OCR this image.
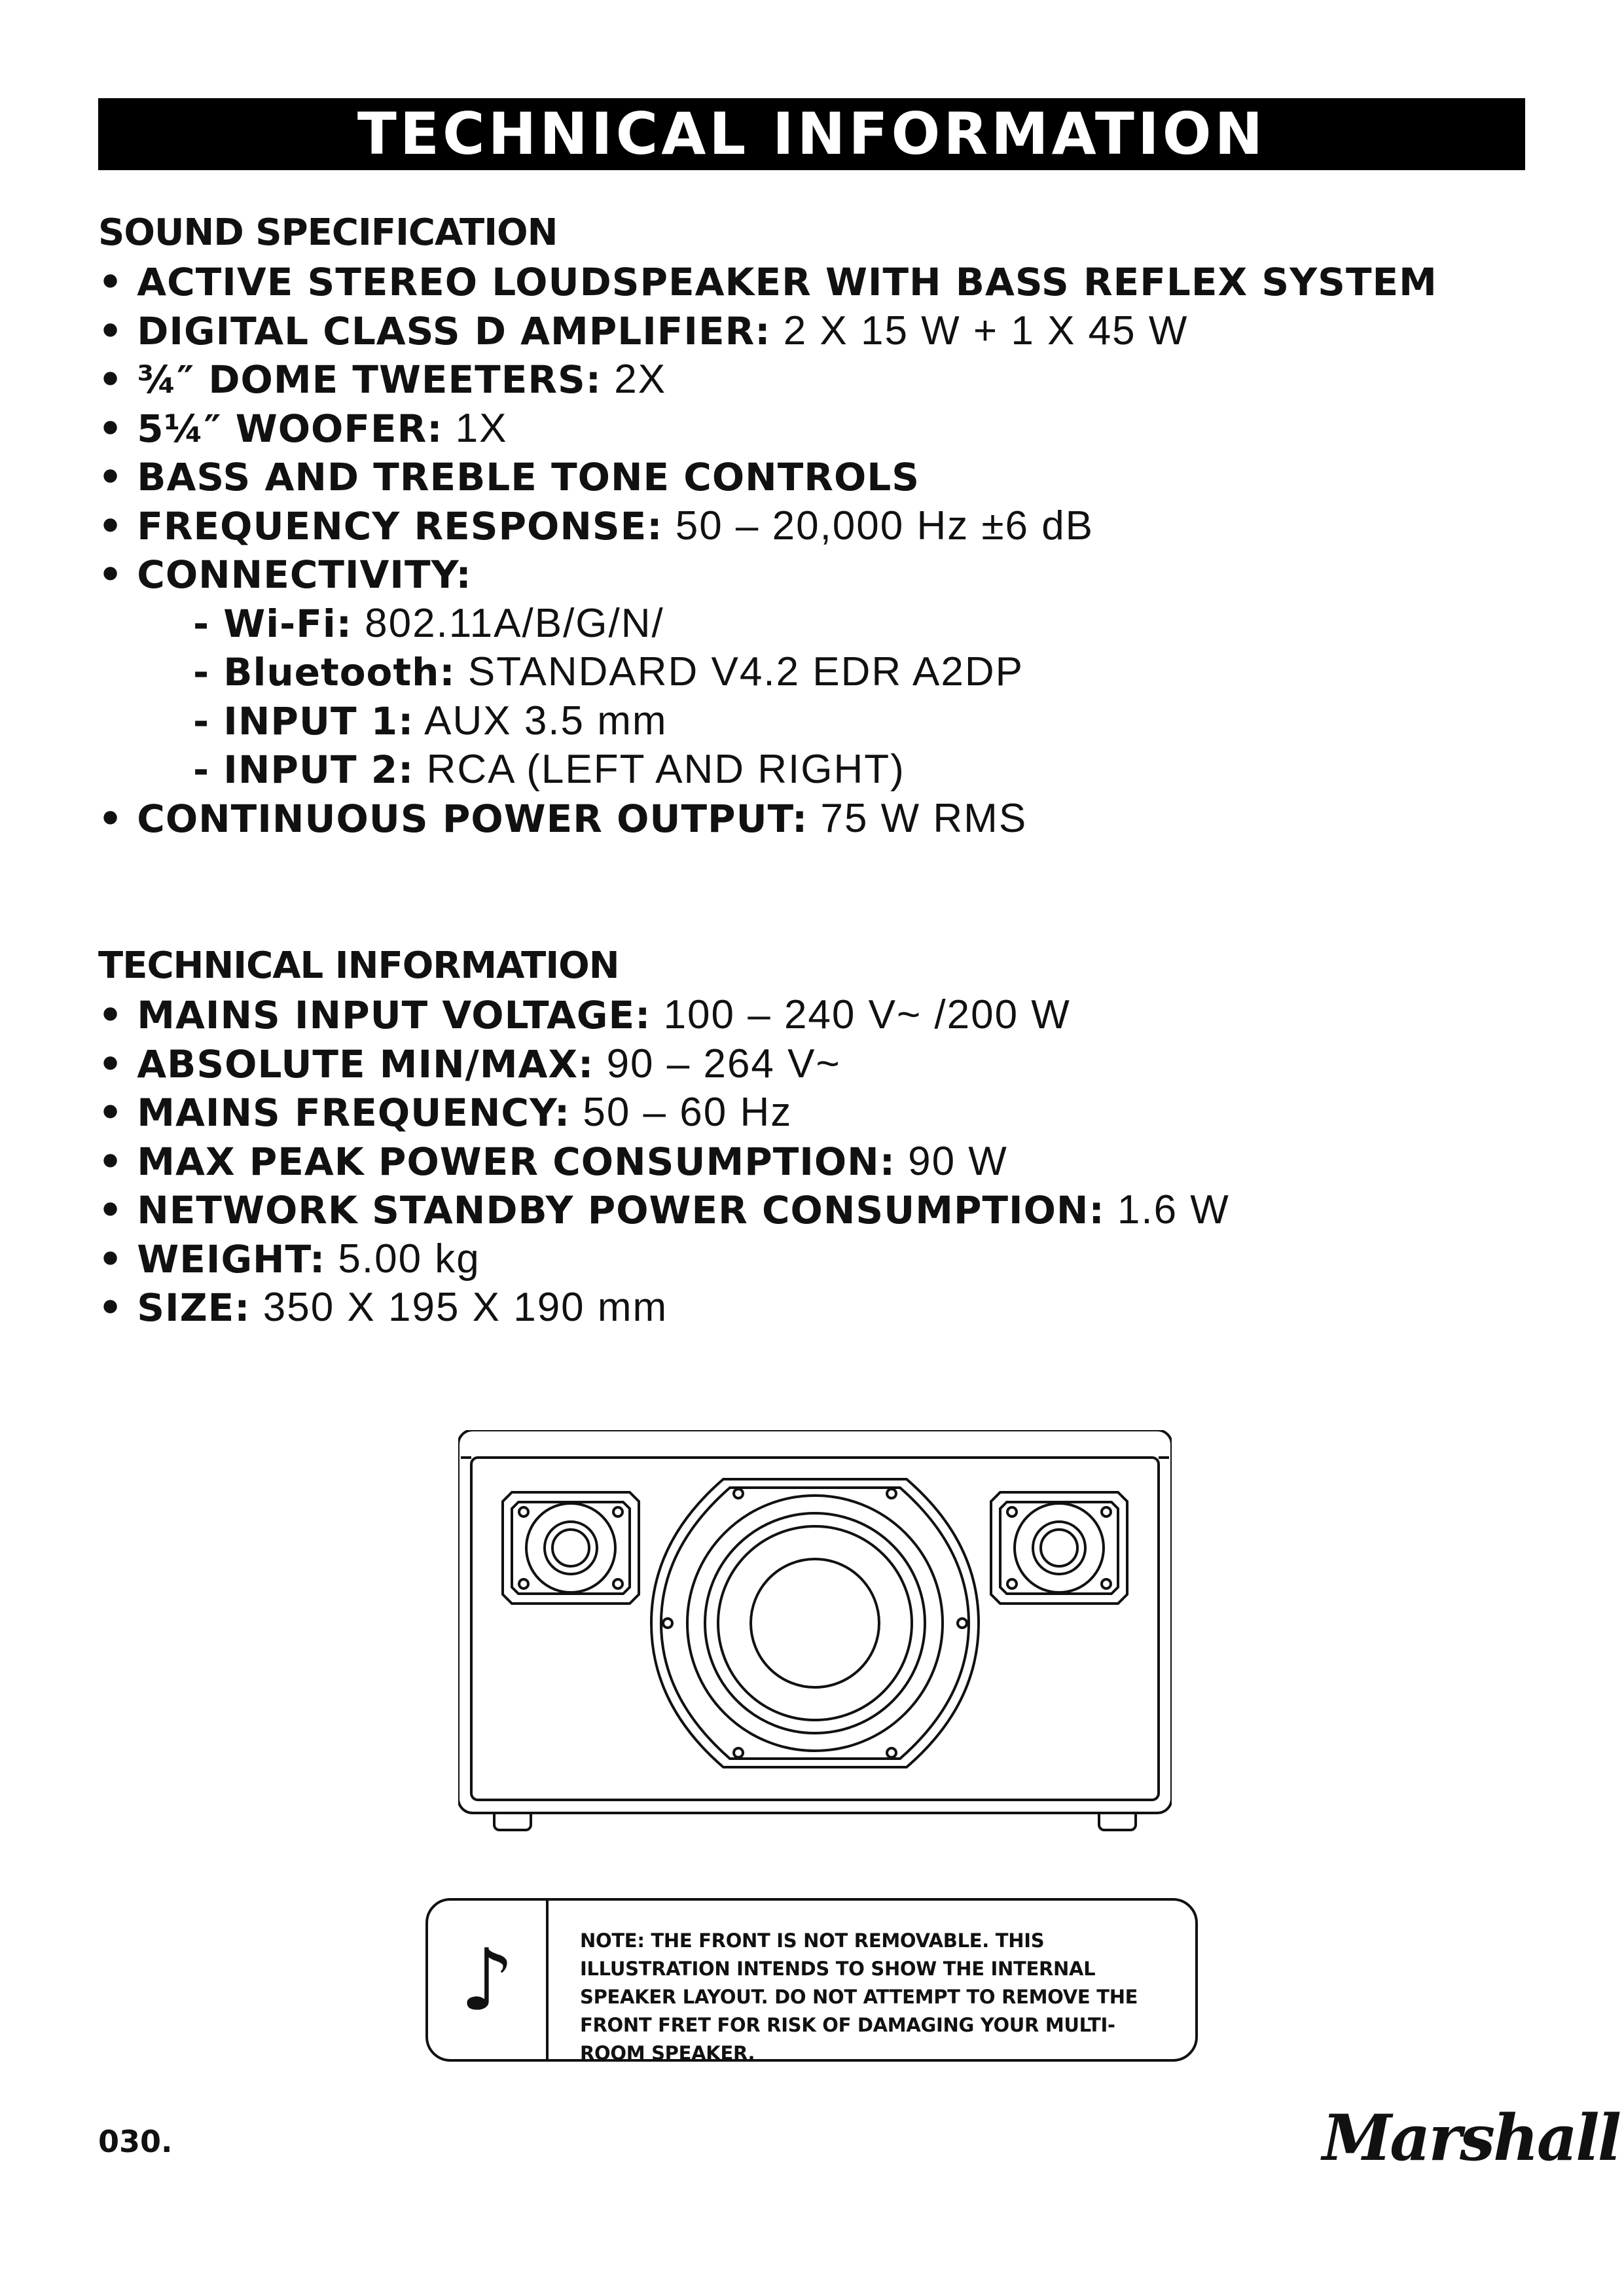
TECHNICAL INFORMATION
SOUND SPECIFICATION
• ACTIVE STEREO LOUDSPEAKER WITH BASS REFLEX SYSTEM
• DIGITAL CLASS D AMPLIFIER: 2 X 15 W + 1 X 45 W
• ¾″ DOME TWEETERS: 2X
• 5¼″ WOOFER: 1X
• BASS AND TREBLE TONE CONTROLS
• FREQUENCY RESPONSE: 50 – 20,000 Hz ±6 dB
• CONNECTIVITY:
- Wi-Fi: 802.11A/B/G/N/
- Bluetooth: STANDARD V4.2 EDR A2DP
- INPUT 1: AUX 3.5 mm
- INPUT 2: RCA (LEFT AND RIGHT)
• CONTINUOUS POWER OUTPUT: 75 W RMS
TECHNICAL INFORMATION
• MAINS INPUT VOLTAGE: 100 – 240 V~ /200 W
• ABSOLUTE MIN/MAX: 90 – 264 V~
• MAINS FREQUENCY: 50 – 60 Hz
• MAX PEAK POWER CONSUMPTION: 90 W
• NETWORK STANDBY POWER CONSUMPTION: 1.6 W
• WEIGHT: 5.00 kg
• SIZE: 350 X 195 X 190 mm
♪	NOTE: THE FRONT IS NOT REMOVABLE. THIS ILLUSTRATION INTENDS TO SHOW THE INTERNAL SPEAKER LAYOUT. DO NOT ATTEMPT TO REMOVE THE FRONT FRET FOR RISK OF DAMAGING YOUR MULTI-ROOM SPEAKER.
030.	Marshall
